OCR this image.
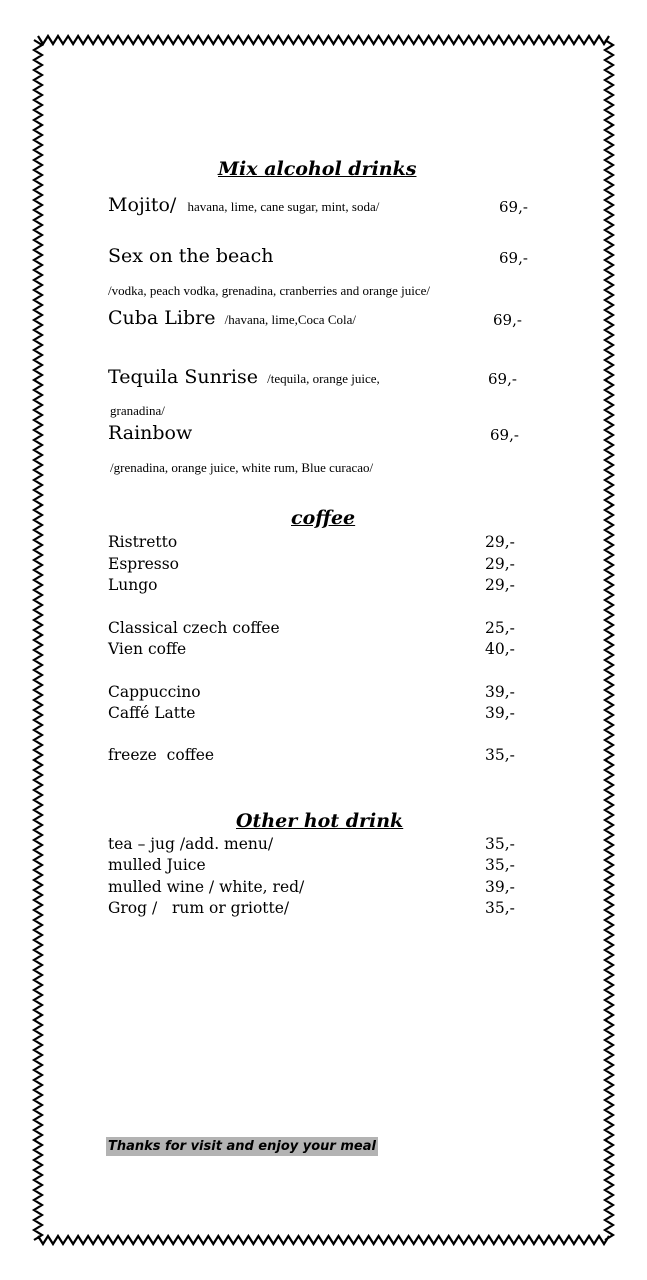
Mix alcohol drinks
Mojito/ havana, lime, cane sugar, mint, soda/	69,-
Sex on the beach	69,-
/vodka, peach vodka, grenadina, cranberries and orange juice/
Cuba Libre /havana, lime,Coca Cola/	69,-
Tequila Sunrise /tequila, orange juice,	69,-
granadina/
Rainbow	69,-
/grenadina, orange juice, white rum, Blue curacao/
coffee
Ristretto	29,-
Espresso	29,-
Lungo	29,-
Classical czech coffee	25,-
Vien coffe	40,-
Cappuccino	39,-
Caffé Latte	39,-
freeze  coffee	35,-
Other hot drink
tea – jug /add. menu/	35,-
mulled Juice	35,-
mulled wine / white, red/	39,-
Grog /   rum or griotte/	35,-
Thanks for visit and enjoy your meal
